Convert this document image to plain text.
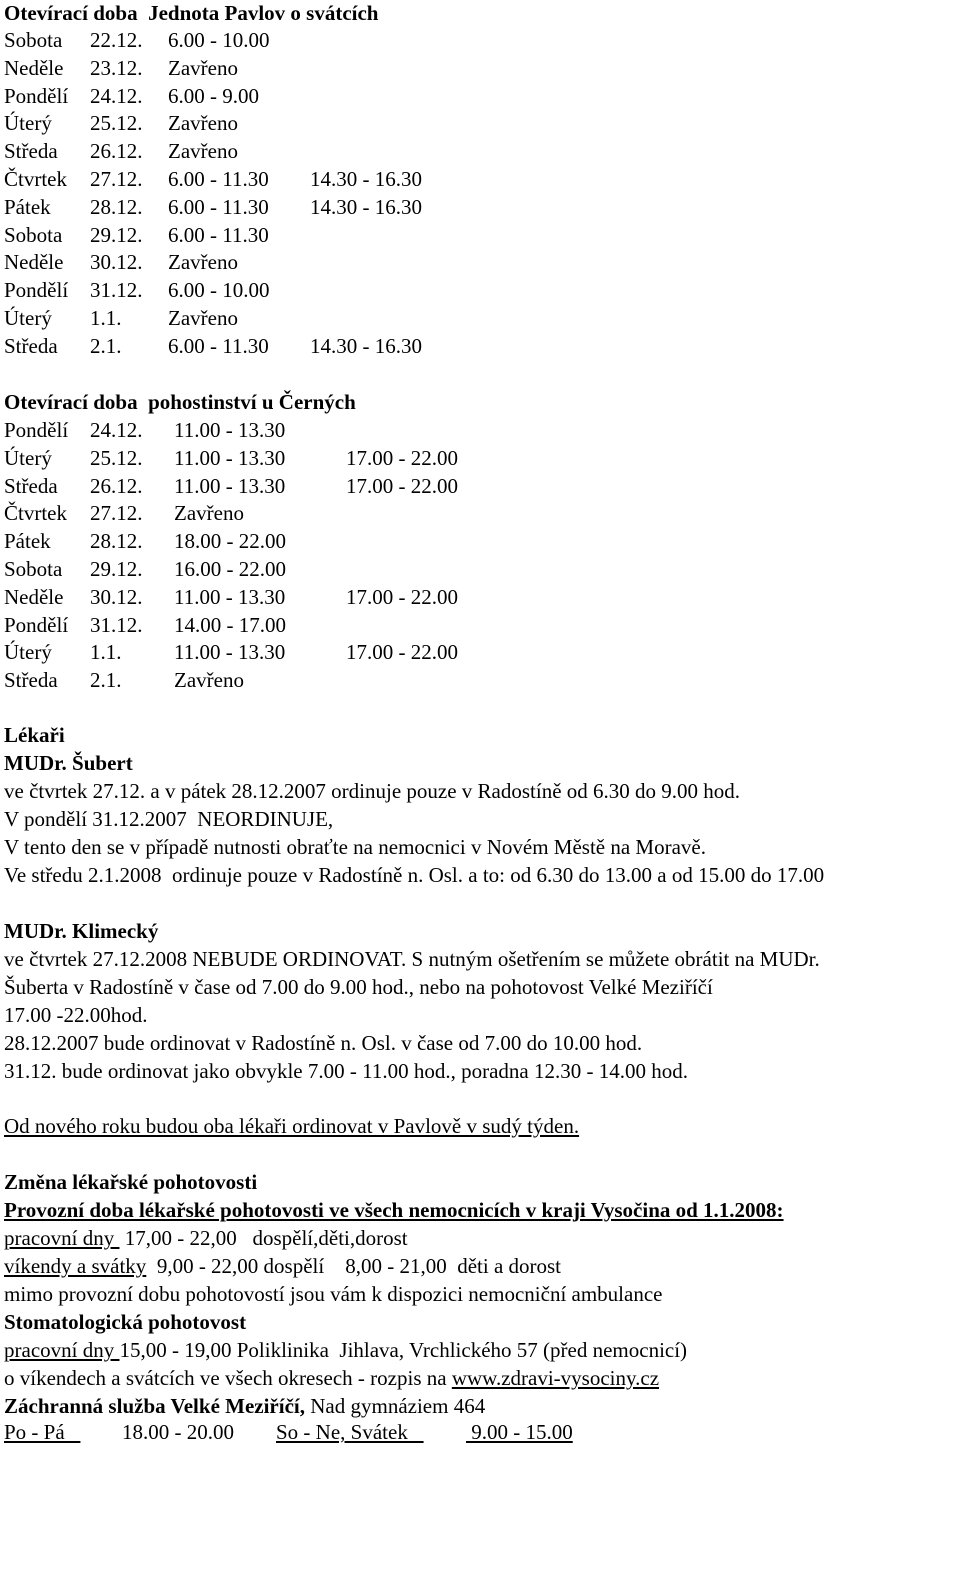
Otevírací doba  Jednota Pavlov o svátcích
Sobota 22.12. 6.00 - 10.00
Neděle 23.12. Zavřeno
Pondělí 24.12. 6.00 - 9.00
Úterý 25.12. Zavřeno
Středa 26.12. Zavřeno
Čtvrtek 27.12. 6.00 - 11.30 14.30 - 16.30
Pátek 28.12. 6.00 - 11.30 14.30 - 16.30
Sobota 29.12. 6.00 - 11.30
Neděle 30.12. Zavřeno
Pondělí 31.12. 6.00 - 10.00
Úterý 1.1. Zavřeno
Středa 2.1. 6.00 - 11.30 14.30 - 16.30
Otevírací doba  pohostinství u Černých
Pondělí 24.12. 11.00 - 13.30
Úterý 25.12. 11.00 - 13.30	17.00 - 22.00
Středa 26.12. 11.00 - 13.30	17.00 - 22.00
Čtvrtek 27.12. Zavřeno
Pátek 28.12. 18.00 - 22.00
Sobota 29.12. 16.00 - 22.00
Neděle 30.12. 11.00 - 13.30	17.00 - 22.00
Pondělí 31.12. 14.00 - 17.00
Úterý 1.1.	11.00 - 13.30	17.00 - 22.00
Středa 2.1.	Zavřeno
Lékaři
MUDr. Šubert
ve čtvrtek 27.12. a v pátek 28.12.2007 ordinuje pouze v Radostíně od 6.30 do 9.00 hod.
V pondělí 31.12.2007  NEORDINUJE,
V tento den se v případě nutnosti obraťte na nemocnici v Novém Městě na Moravě.
Ve středu 2.1.2008  ordinuje pouze v Radostíně n. Osl. a to: od 6.30 do 13.00 a od 15.00 do 17.00
MUDr. Klimecký
ve čtvrtek 27.12.2008 NEBUDE ORDINOVAT. S nutným ošetřením se můžete obrátit na MUDr.
Šuberta v Radostíně v čase od 7.00 do 9.00 hod., nebo na pohotovost Velké Meziříčí
17.00 -22.00hod.
28.12.2007 bude ordinovat v Radostíně n. Osl. v čase od 7.00 do 10.00 hod.
31.12. bude ordinovat jako obvykle 7.00 - 11.00 hod., poradna 12.30 - 14.00 hod.
Od nového roku budou oba lékaři ordinovat v Pavlově v sudý týden.
Změna lékařské pohotovosti
Provozní doba lékařské pohotovosti ve všech nemocnicích v kraji Vysočina od 1.1.2008:
pracovní dny  17,00 - 22,00   dospělí,děti,dorost
víkendy a svátky  9,00 - 22,00 dospělí    8,00 - 21,00  děti a dorost
mimo provozní dobu pohotovostí jsou vám k dispozici nemocniční ambulance
Stomatologická pohotovost
pracovní dny 15,00 - 19,00 Poliklinika  Jihlava, Vrchlického 57 (před nemocnicí)
o víkendech a svátcích ve všech okresech - rozpis na www.zdravi-vysociny.cz
Záchranná služba Velké Meziříčí, Nad gymnáziem 464

Po - Pá

18.00 - 20.00

So - Ne, Svátek

9.00 - 15.00
